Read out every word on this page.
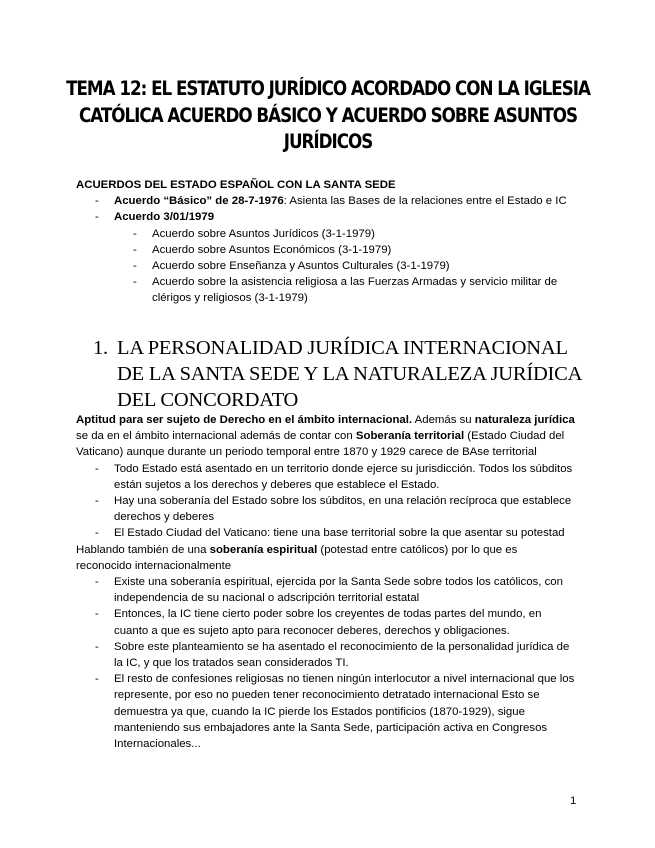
TEMA 12: EL ESTATUTO JURÍDICO ACORDADO CON LA IGLESIA
CATÓLICA ACUERDO BÁSICO Y ACUERDO SOBRE ASUNTOS
JURÍDICOS
ACUERDOS DEL ESTADO ESPAÑOL CON LA SANTA SEDE
- Acuerdo “Básico” de 28-7-1976: Asienta las Bases de la relaciones entre el Estado e IC
- Acuerdo 3/01/1979
- Acuerdo sobre Asuntos Jurídicos (3-1-1979)
- Acuerdo sobre Asuntos Económicos (3-1-1979)
- Acuerdo sobre Enseñanza y Asuntos Culturales (3-1-1979)
- Acuerdo sobre la asistencia religiosa a las Fuerzas Armadas y servicio militar de clérigos y religiosos (3-1-1979)
1. LA PERSONALIDAD JURÍDICA INTERNACIONAL DE LA SANTA SEDE Y LA NATURALEZA JURÍDICA DEL CONCORDATO
Aptitud para ser sujeto de Derecho en el ámbito internacional. Además su naturaleza jurídica se da en el ámbito internacional además de contar con Soberanía territorial (Estado Ciudad del Vaticano) aunque durante un periodo temporal entre 1870 y 1929 carece de BAse territorial
- Todo Estado está asentado en un territorio donde ejerce su jurisdicción. Todos los súbditos están sujetos a los derechos y deberes que establece el Estado.
- Hay una soberanía del Estado sobre los súbditos, en una relación recíproca que establece derechos y deberes
- El Estado Ciudad del Vaticano: tiene una base territorial sobre la que asentar su potestad
Hablando también de una soberanía espiritual (potestad entre católicos) por lo que es reconocido internacionalmente
- Existe una soberanía espiritual, ejercida por la Santa Sede sobre todos los católicos, con independencia de su nacional o adscripción territorial estatal
- Entonces, la IC tiene cierto poder sobre los creyentes de todas partes del mundo, en cuanto a que es sujeto apto para reconocer deberes, derechos y obligaciones.
- Sobre este planteamiento se ha asentado el reconocimiento de la personalidad jurídica de la IC, y que los tratados sean considerados TI.
- El resto de confesiones religiosas no tienen ningún interlocutor a nivel internacional que los represente, por eso no pueden tener reconocimiento detratado internacional Esto se demuestra ya que, cuando la IC pierde los Estados pontificios (1870-1929), sigue manteniendo sus embajadores ante la Santa Sede, participación activa en Congresos Internacionales...
1
